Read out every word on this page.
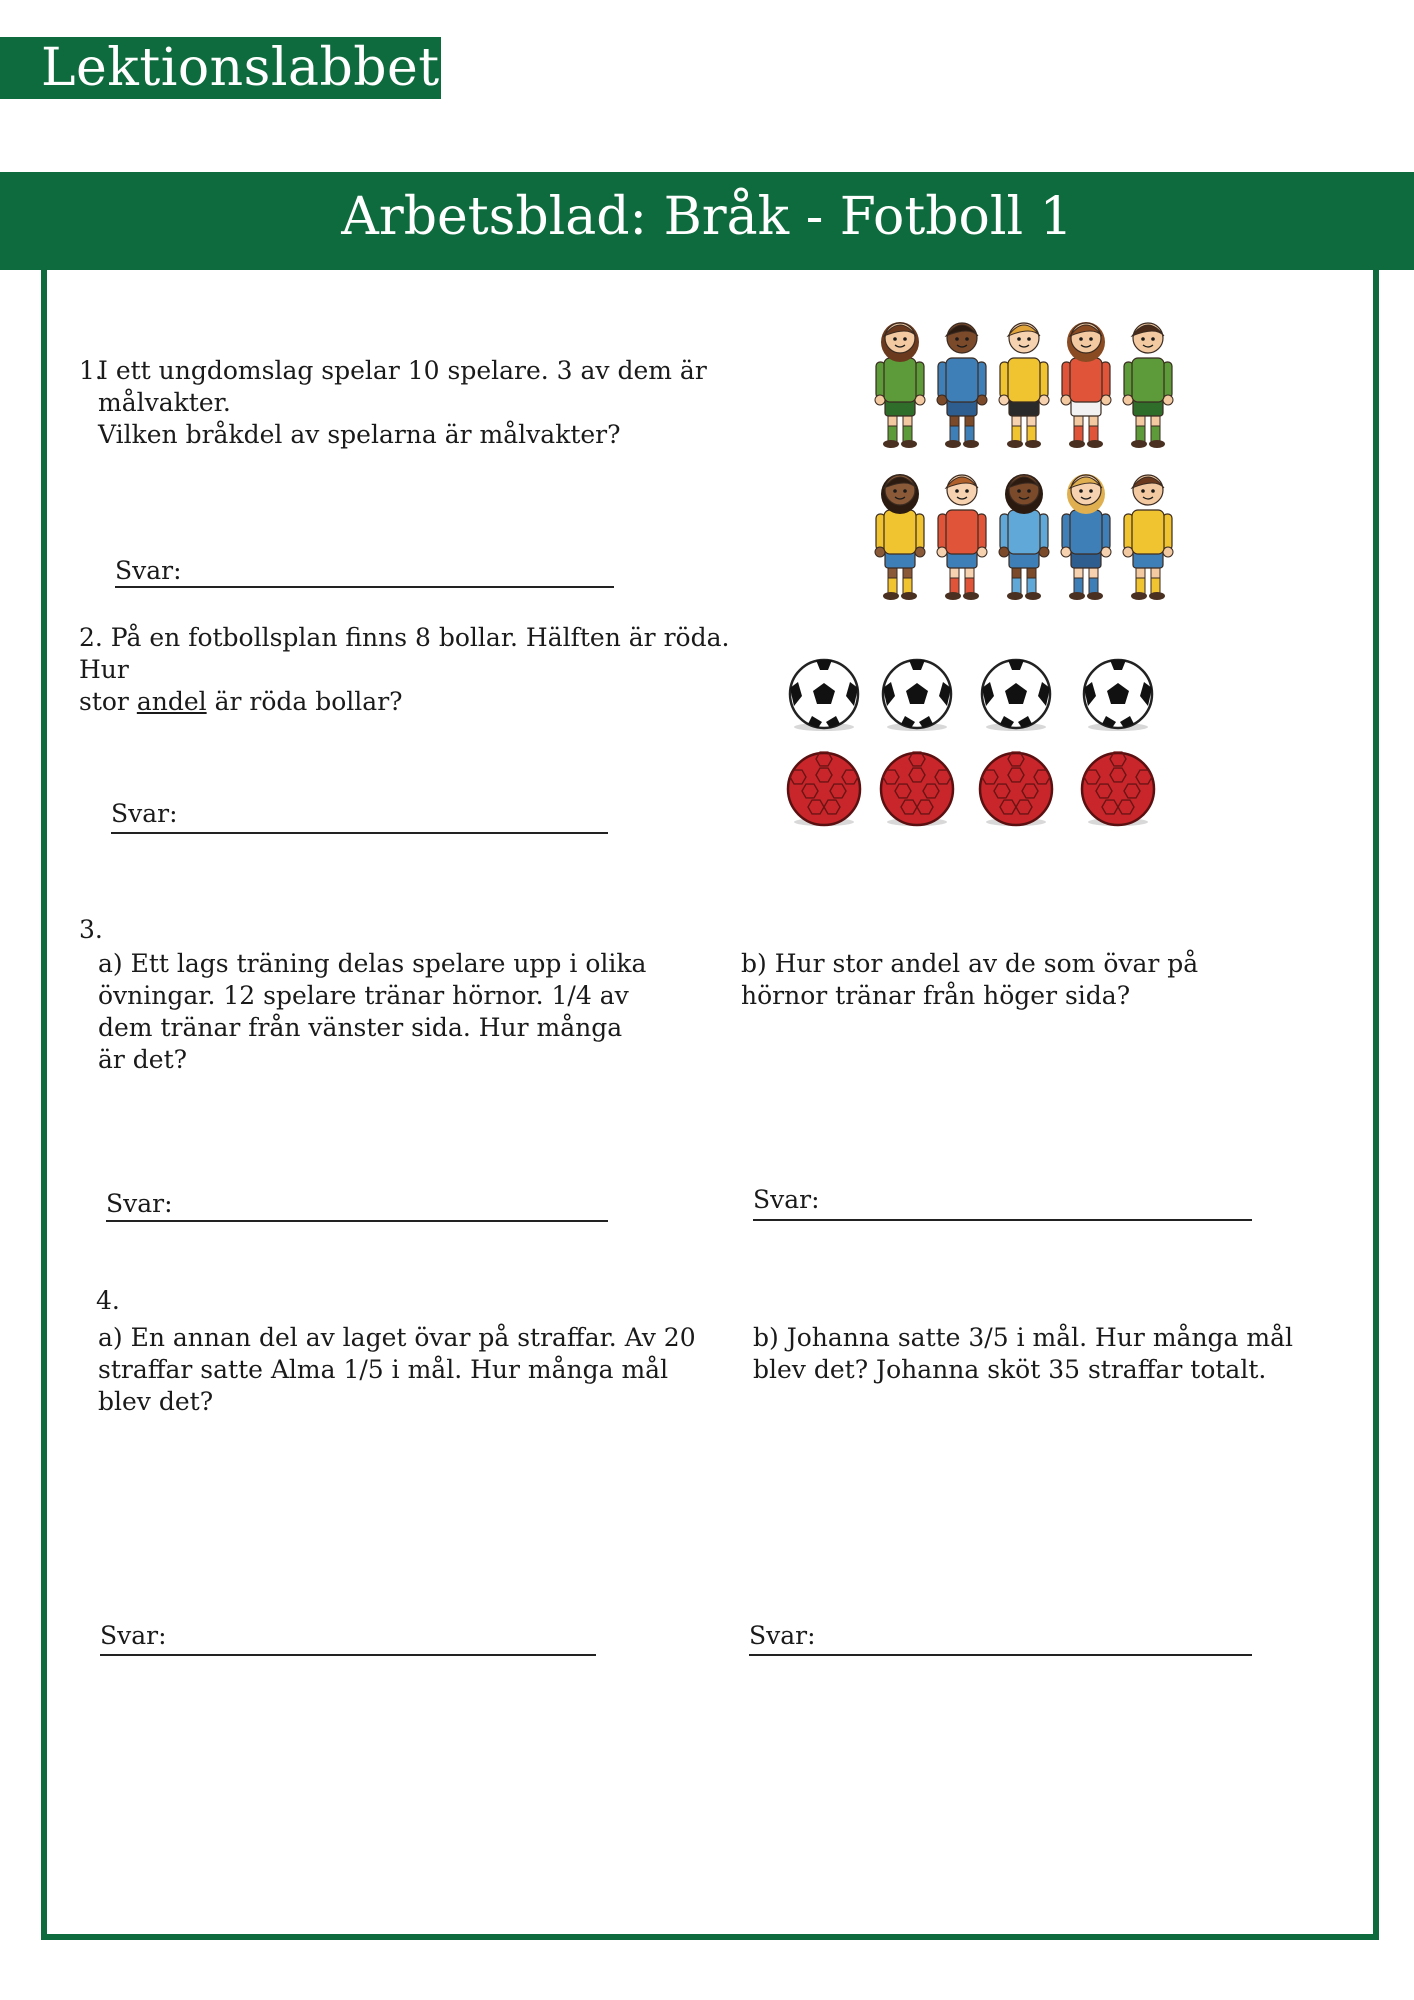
Lektionslabbet
Arbetsblad: Bråk - Fotboll 1
1.
I ett ungdomslag spelar 10 spelare. 3 av dem är målvakter.
Vilken bråkdel av spelarna är målvakter?
Svar:
2. På en fotbollsplan finns 8 bollar. Hälften är röda. Hur
stor andel är röda bollar?
Svar:
3.
a) Ett lags träning delas spelare upp i olika
övningar. 12 spelare tränar hörnor. 1/4 av
dem tränar från vänster sida. Hur många
är det?
b) Hur stor andel av de som övar på
hörnor tränar från höger sida?
Svar:	Svar:
4.
a) En annan del av laget övar på straffar. Av 20
straffar satte Alma 1/5 i mål. Hur många mål
blev det?
b) Johanna satte 3/5 i mål. Hur många mål
blev det? Johanna sköt 35 straffar totalt.
Svar:	Svar:
